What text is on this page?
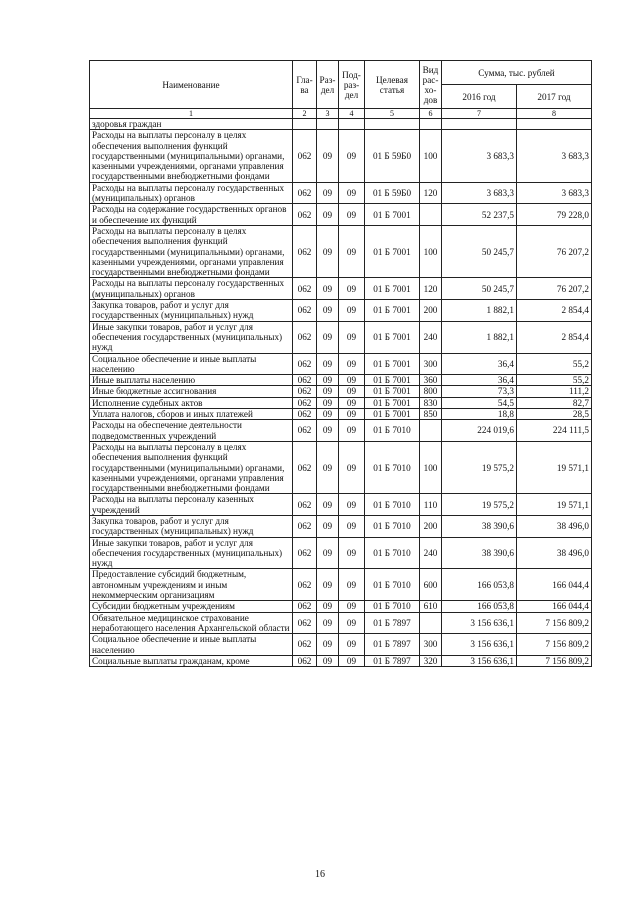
Наименование	Гла-ва	Раз-дел	Под-раз-дел	Целевая статья	Вид рас-хо-дов	Сумма, тыс. рублей	
						2016 год	2017 год
1	2	3	4	5	6	7	8
здоровья граждан							
Расходы на выплаты персоналу в целях обеспечения выполнения функций государственными (муниципальными) органами, казенными учреждениями, органами управления государственными внебюджетными фондами	062	09	09	01 Б 59Б0	100	3 683,3	3 683,3
Расходы на выплаты персоналу государственных (муниципальных) органов	062	09	09	01 Б 59Б0	120	3 683,3	3 683,3
Расходы на содержание государственных органов и обеспечение их функций	062	09	09	01 Б 7001		52 237,5	79 228,0
Расходы на выплаты персоналу в целях обеспечения выполнения функций государственными (муниципальными) органами, казенными учреждениями, органами управления государственными внебюджетными фондами	062	09	09	01 Б 7001	100	50 245,7	76 207,2
Расходы на выплаты персоналу государственных (муниципальных) органов	062	09	09	01 Б 7001	120	50 245,7	76 207,2
Закупка товаров, работ и услуг для государственных (муниципальных) нужд	062	09	09	01 Б 7001	200	1 882,1	2 854,4
Иные закупки товаров, работ и услуг для обеспечения государственных (муниципальных) нужд	062	09	09	01 Б 7001	240	1 882,1	2 854,4
Социальное обеспечение и иные выплаты населению	062	09	09	01 Б 7001	300	36,4	55,2
Иные выплаты населению	062	09	09	01 Б 7001	360	36,4	55,2
Иные бюджетные ассигнования	062	09	09	01 Б 7001	800	73,3	111,2
Исполнение судебных актов	062	09	09	01 Б 7001	830	54,5	82,7
Уплата налогов, сборов и иных платежей	062	09	09	01 Б 7001	850	18,8	28,5
Расходы на обеспечение деятельности подведомственных учреждений	062	09	09	01 Б 7010		224 019,6	224 111,5
Расходы на выплаты персоналу в целях обеспечения выполнения функций государственными (муниципальными) органами, казенными учреждениями, органами управления государственными внебюджетными фондами	062	09	09	01 Б 7010	100	19 575,2	19 571,1
Расходы на выплаты персоналу казенных учреждений	062	09	09	01 Б 7010	110	19 575,2	19 571,1
Закупка товаров, работ и услуг для государственных (муниципальных) нужд	062	09	09	01 Б 7010	200	38 390,6	38 496,0
Иные закупки товаров, работ и услуг для обеспечения государственных (муниципальных) нужд	062	09	09	01 Б 7010	240	38 390,6	38 496,0
Предоставление субсидий бюджетным, автономным учреждениям и иным некоммерческим организациям	062	09	09	01 Б 7010	600	166 053,8	166 044,4
Субсидии бюджетным учреждениям	062	09	09	01 Б 7010	610	166 053,8	166 044,4
Обязательное медицинское страхование неработающего населения Архангельской области	062	09	09	01 Б 7897		3 156 636,1	7 156 809,2
Социальное обеспечение и иные выплаты населению	062	09	09	01 Б 7897	300	3 156 636,1	7 156 809,2
Социальные выплаты гражданам, кроме	062	09	09	01 Б 7897	320	3 156 636,1	7 156 809,2
16
